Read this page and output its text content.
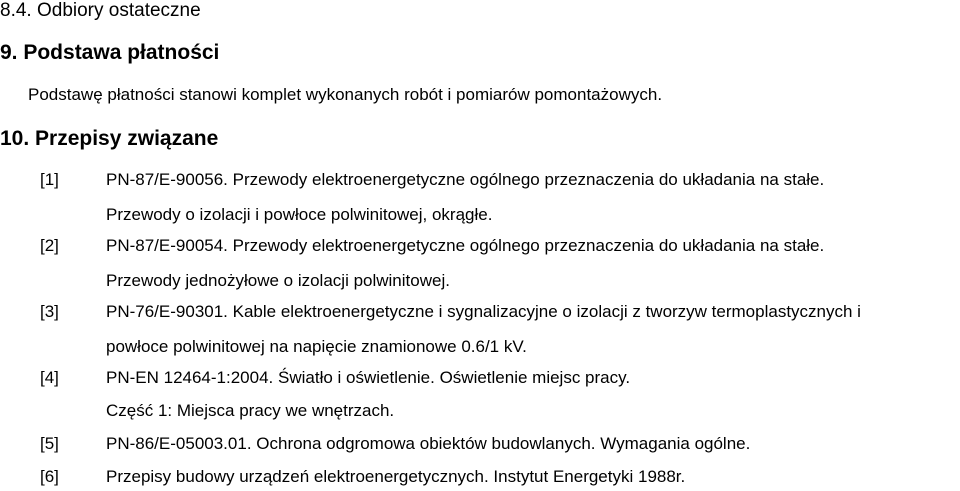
8.4. Odbiory ostateczne
9. Podstawa płatności
Podstawę płatności stanowi komplet wykonanych robót i pomiarów pomontażowych.
10. Przepisy związane
[1]	PN-87/E-90056. Przewody elektroenergetyczne ogólnego przeznaczenia do układania na stałe.
Przewody o izolacji i powłoce polwinitowej, okrągłe.
[2]	PN-87/E-90054. Przewody elektroenergetyczne ogólnego przeznaczenia do układania na stałe.
Przewody jednożyłowe o izolacji polwinitowej.
[3]	PN-76/E-90301. Kable elektroenergetyczne i sygnalizacyjne o izolacji z tworzyw termoplastycznych i
powłoce polwinitowej na napięcie znamionowe 0.6/1 kV.
[4]	PN-EN 12464-1:2004. Światło i oświetlenie. Oświetlenie miejsc pracy.
Część 1: Miejsca pracy we wnętrzach.
[5]	PN-86/E-05003.01. Ochrona odgromowa obiektów budowlanych. Wymagania ogólne.
[6]	Przepisy budowy urządzeń elektroenergetycznych. Instytut Energetyki 1988r.
